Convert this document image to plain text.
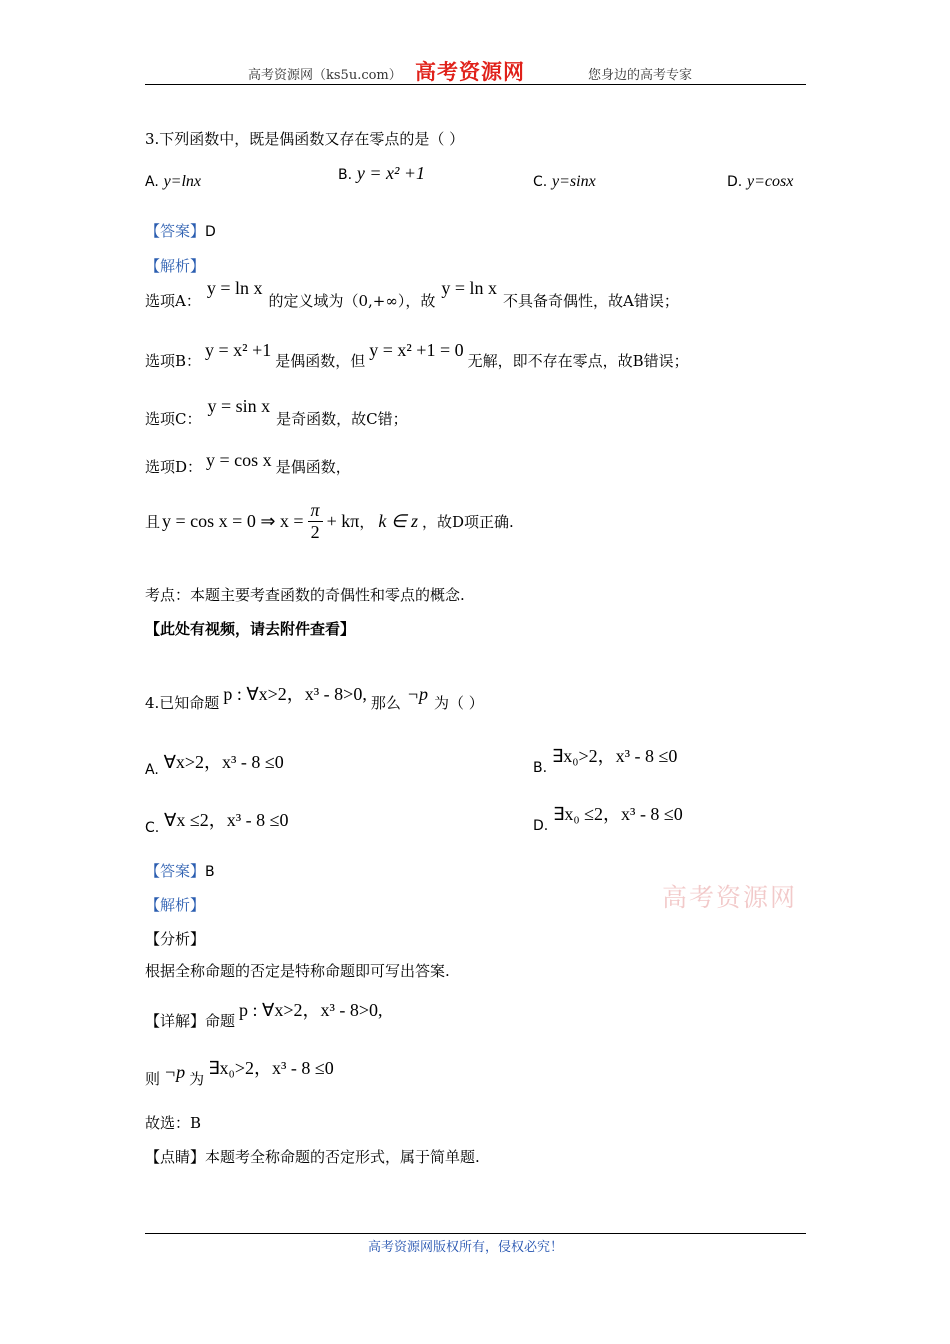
高考资源网（ks5u.com） 高考资源网	您身边的高考专家
3.下列函数中，既是偶函数又存在零点的是（ ）
A. y=lnx	B. y = x² +1	C. y=sinx	D. y=cosx
【答案】D
【解析】
选项A：
y = ln x
的定义域为（0,+∞），故
y = ln x
不具备奇偶性，故A错误；
选项B：
y = x² +1
是偶函数，但
y = x² +1 = 0
无解，即不存在零点，故B错误；
选项C：
y = sin x
是奇函数，故C错；
选项D： y = cos x 是偶函数，
且 y = cos x = 0 ⇒ $x = \frac{\pi}{2} + k\pi$ ， k ∈ z ，故D项正确.
考点：本题主要考查函数的奇偶性和零点的概念.
【此处有视频，请去附件查看】
4.已知命题 p : ∀x>2，x³ - 8>0, 那么 ¬p 为（ ）
A. ∀x>2，x³ - 8 ≤0	B. ∃x₀>2，x³ - 8 ≤0
C. ∀x ≤2，x³ - 8 ≤0	D. ∃x₀ ≤2，x³ - 8 ≤0
【答案】B
高考资源网
【解析】
【分析】
根据全称命题的否定是特称命题即可写出答案.
【详解】命题
p : ∀x>2，x³ - 8>0,
则 ¬p 为
∃x₀>2，x³ - 8 ≤0
故选：B
【点睛】本题考全称命题的否定形式，属于简单题.
高考资源网版权所有，侵权必究！
